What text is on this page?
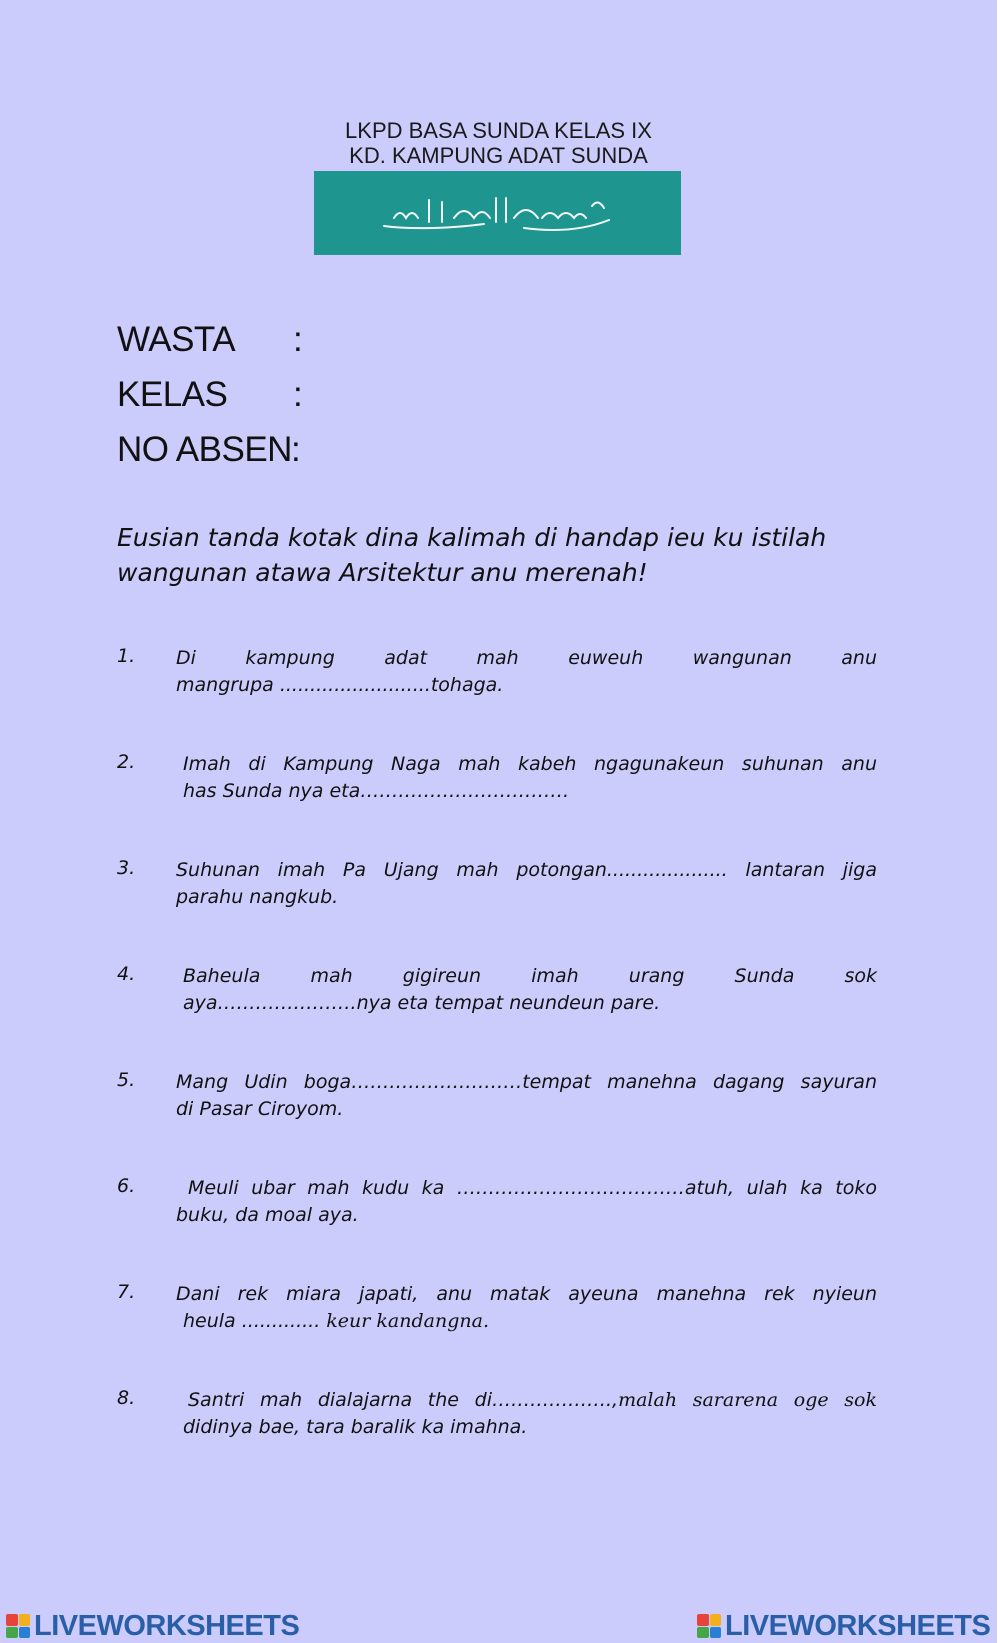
LKPD BASA SUNDA KELAS IX
KD. KAMPUNG ADAT SUNDA
بسم الله الرحمن الرحيم
WASTA :
KELAS :
NO ABSEN :
Eusian tanda kotak dina kalimah di handap ieu ku istilah wangunan atawa Arsitektur anu merenah!
1. Di kampung adat mah euweuh wangunan anu
mangrupa .........................tohaga.
2.	Imah di Kampung Naga mah kabeh ngagunakeun suhunan anu
has Sunda nya eta……………………………
3. Suhunan imah Pa Ujang mah potongan.................... lantaran jiga
parahu nangkub.
4.	Baheula mah gigireun imah urang Sunda sok
aya………………….nya eta tempat neundeun pare.
5. Mang Udin boga………………………tempat manehna dagang sayuran
di Pasar Ciroyom.
6.	Meuli ubar mah kudu ka ………………………………atuh, ulah ka toko
buku, da moal aya.
7. Dani rek miara japati, anu matak ayeuna manehna rek nyieun
heula ............. keur kandangna.
8.	Santri mah dialajarna the di……………….,malah sararena oge sok
didinya bae, tara baralik ka imahna.
LIVEWORKSHEETS	LIVEWORKSHEETS
